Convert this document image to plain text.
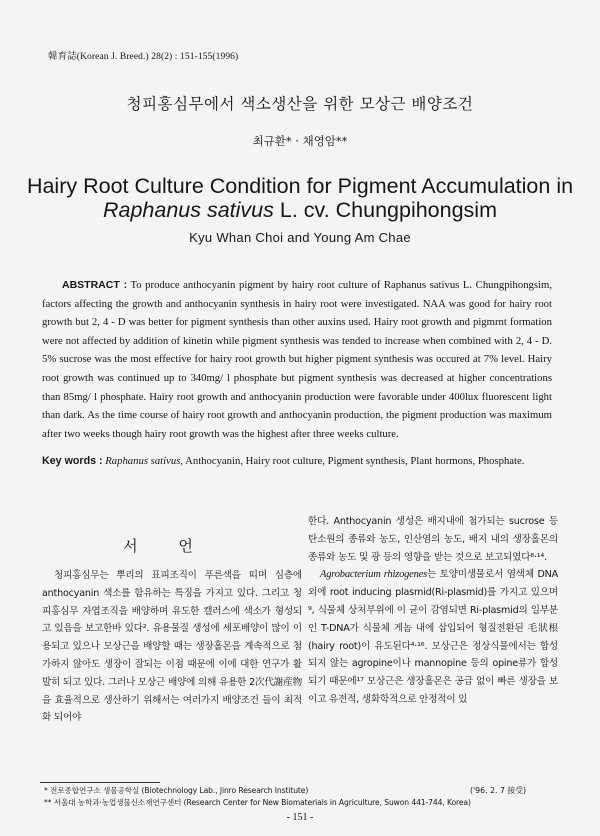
韓育誌(Korean J. Breed.) 28(2) : 151-155(1996)
청피홍심무에서 색소생산을 위한 모상근 배양조건
최규환* · 채영암**
Hairy Root Culture Condition for Pigment Accumulation in
Raphanus sativus L. cv. Chungpihongsim
Kyu Whan Choi and Young Am Chae
ABSTRACT : To produce anthocyanin pigment by hairy root culture of Raphanus sativus L. Chungpihongsim, factors affecting the growth and anthocyanin synthesis in hairy root were investigated. NAA was good for hairy root growth but 2, 4 - D was better for pigment synthesis than other auxins used. Hairy root growth and pigmrnt formation were not affected by addition of kinetin while pigment synthesis was tended to increase when combined with 2, 4 - D. 5% sucrose was the most effective for hairy root growth but higher pigment synthesis was occured at 7% level. Hairy root growth was continued up to 340mg/ l phosphate but pigment synthesis was decreased at higher concentrations than 85mg/ l phosphate. Hairy root growth and anthocyanin production were favorable under 400lux fluorescent light than dark. As the time course of hairy root growth and anthocyanin production, the pigment production was maximum after two weeks though hairy root growth was the highest after three weeks culture.
Key words : Raphanus sativus, Anthocyanin, Hairy root culture, Pigment synthesis, Plant hormons, Phosphate.
서 언
청피홍심무는 뿌리의 표피조직이 푸른색을 띠며 심층에 anthocyanin 색소를 함유하는 특징을 가지고 있다. 그리고 청피홍심무 자엽조직을 배양하며 유도한 캘러스에 색소가 형성되고 있음을 보고한바 있다². 유용물질 생성에 세포배양이 많이 이용되고 있으나 모상근을 배양할 때는 생장홀몬을 계속적으로 첨가하지 않아도 생장이 잘되는 이점 때문에 이에 대한 연구가 활발히 되고 있다. 그러나 모상근 배양에 의해 유용한 2次代謝産物을 효율적으로 생산하기 위해서는 여러가지 배양조건 들이 최적화 되어야
한다. Anthocyanin 생성은 배지내에 첨가되는 sucrose 등 탄소원의 종류와 농도, 인산염의 농도, 배지 내의 생장홀몬의 종류와 농도 및 광 등의 영향을 받는 것으로 보고되였다⁸·¹⁴.
Agrobacterium rhizogenes는 토양미생물로서 염색체 DNA 외에 root inducing plasmid(Ri-plasmid)를 가지고 있으며⁹, 식물체 상처부위에 이 균이 감염되면 Ri-plasmid의 일부분인 T-DNA가 식물체 게놈 내에 삽입되어 형질전환된 毛狀根(hairy root)이 유도된다⁴·¹⁶. 모상근은 정상식물에서는 합성되지 않는 agropine이나 mannopine 등의 opine류가 합성되기 때문에¹⁷ 모상근은 생장홀몬은 공급 없이 빠른 생장을 보이고 유전적, 생화학적으로 안정적이 있
* 전로종합연구소 생물공학실 (Biotechnology Lab., Jinro Research Institute)	('96. 2. 7 接受)
** 서울대 농학과·농업생물신소재연구센터 (Research Center for New Biomaterials in Agriculture, Suwon 441-744, Korea)
- 151 -
